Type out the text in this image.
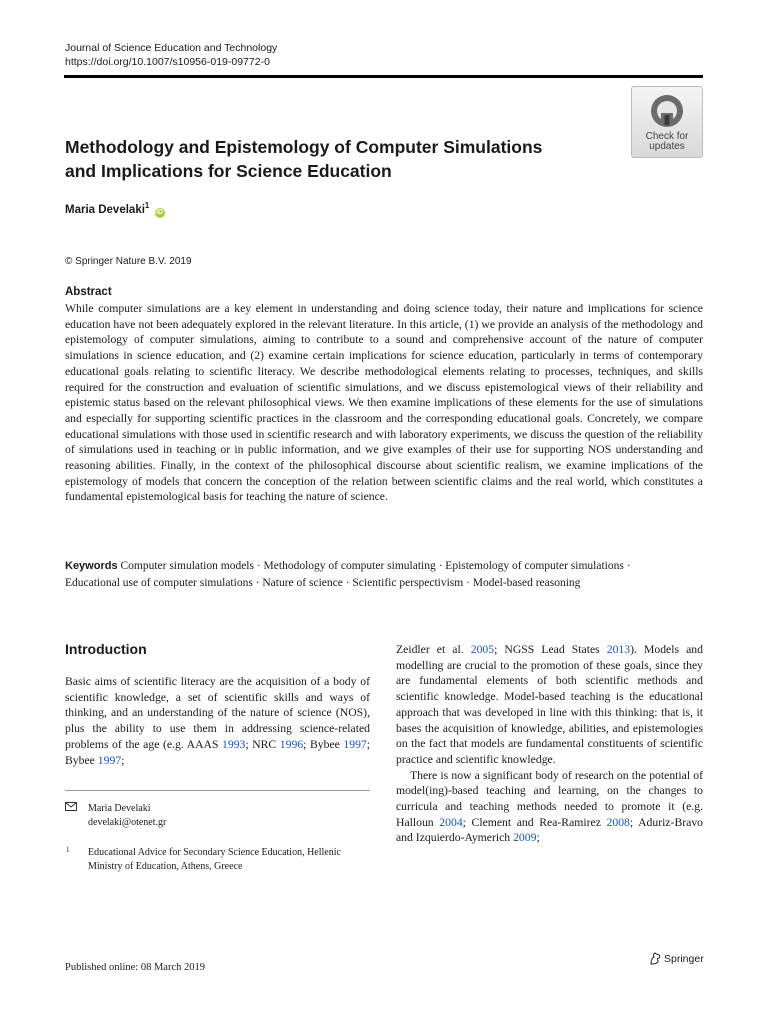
Journal of Science Education and Technology
https://doi.org/10.1007/s10956-019-09772-0
Check for
updates
Methodology and Epistemology of Computer Simulations
and Implications for Science Education
Maria Develaki$^1$ iD
© Springer Nature B.V. 2019
Abstract
While computer simulations are a key element in understanding and doing science today, their nature and implications for science education have not been adequately explored in the relevant literature. In this article, (1) we provide an analysis of the methodology and epistemology of computer simulations, aiming to contribute to a sound and comprehensive account of the nature of computer simulations in science education, and (2) examine certain implications for science education, particularly in terms of contemporary educational goals relating to scientific literacy. We describe methodological elements relating to processes, techniques, and skills required for the construction and evaluation of scientific simulations, and we discuss epistemological views of their reliability and epistemic status based on the relevant philosophical views. We then examine implications of these elements for the use of simulations and especially for supporting scientific practices in the classroom and the corresponding educational goals. Concretely, we compare educational simulations with those used in scientific research and with laboratory experiments, we discuss the question of the reliability of simulations used in teaching or in public information, and we give examples of their use for supporting NOS understanding and reasoning abilities. Finally, in the context of the philosophical discourse about scientific realism, we examine implications of the epistemology of models that concern the conception of the relation between scientific claims and the real world, which constitutes a fundamental epistemological basis for teaching the nature of science.
Keywords Computer simulation models · Methodology of computer simulating · Epistemology of computer simulations ·
Educational use of computer simulations · Nature of science · Scientific perspectivism · Model-based reasoning
Introduction
Basic aims of scientific literacy are the acquisition of a body of scientific knowledge, a set of scientific skills and ways of thinking, and an understanding of the nature of science (NOS), plus the ability to use them in addressing science-related problems of the age (e.g. AAAS 1993; NRC 1996; Bybee 1997; Bybee 1997;

Zeidler et al. 2005; NGSS Lead States 2013). Models and modelling are crucial to the promotion of these goals, since they are fundamental elements of both scientific methods and scientific knowledge. Model-based teaching is the educational approach that was developed in line with this thinking: that is, it bases the acquisition of knowledge, abilities, and epistemologies on the fact that models are fundamental constituents of scientific practice and scientific knowledge.

There is now a significant body of research on the potential of model(ing)-based teaching and learning, on the changes to curricula and teaching methods needed to promote it (e.g. Halloun 2004; Clement and Rea-Ramirez 2008; Aduriz-Bravo and Izquierdo-Aymerich 2009;

Maria Develaki
develaki@otenet.gr
1 Educational Advice for Secondary Science Education, Hellenic
Ministry of Education, Athens, Greece
Published online: 08 March 2019
Springer
